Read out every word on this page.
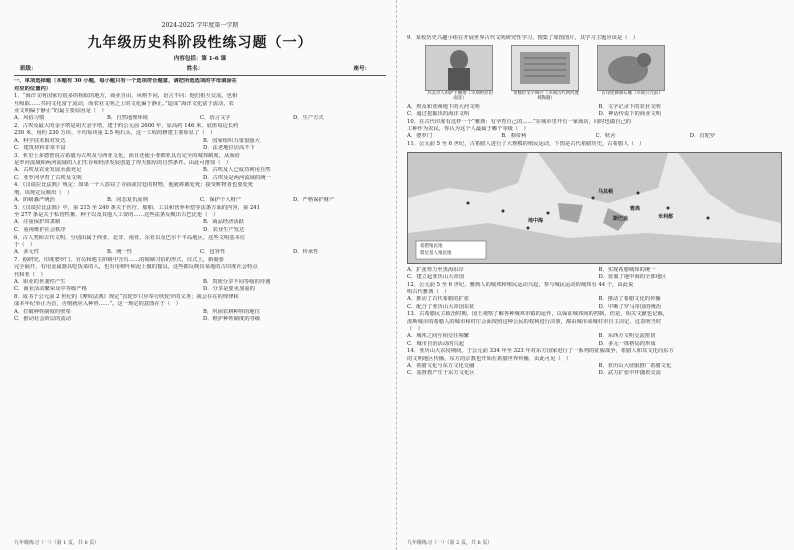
2024-2025 学年度第一学期
九年级历史科阶段性练习题（一）
内容包括：第 1-6 课
班级：	姓名：	座号：

一、单项选择题（本题有 30 小题，每小题只有一个选项符合题意，请把所选选项的字母填涂在

对应的位置内）

1．“海洋文明国家有很多的相似的地方，商业自由，风格不同，语言不同：他们相互交流，也相

互吸取……共同文化富于流动，而农业文明之上的文化偏于静止。”造成“海洋文化富于流动，农

业文明偏于静止”的最主要原因是（　）

A．风俗习惯	B．自然地理环境	C．语言文字	D．生产方式

2．古埃及最大的金字塔是胡夫金字塔，建于约公元前 2600 年，原高约 146 米，底座每边长约

230 米，用约 230 万块、平均每块重 2.5 吨石头，这一工程的修建主要彰显了（　）

A．科学技术相对发达	B．国家组织力量很强大

C．建筑材料非常丰富	D．法老地位居高不下

3．亚里士多德曾说古希腊为古埃及与西亚文化，而且还使小亚细亚具有完全的城邦制度，从而给

是罗河流域和两河流域的人们生存和经济发展创造了得天独厚的自然条件。由此可推知（　）

A．古埃及农业发展水源充足	B．古埃及人已成功利用自然

C．亚罗河孕育了古埃及文明	D．古埃及是两河流域的统一

4．《汉谟拉比法典》规定：如果一个人盗窃了寺庙或宫廷的财物，他就将被处死；接受赃物者也要处死

刑，该规定反映出（　）

A．阶级森严统治	B．同态复仇原则	C．保护个人财产	D．严格保护财产

5．《汉谟拉比法典》中，第 215 至 240 条关于医疗、船舶、工具和营养补偿等法条方面的内容，第 241

至 277 条是关于私营牲畜、种子以及其他人工资的……这些法条反映出古巴比伦（　）

A．注重保护奴隶制	B．商品经济活跃

C．重视维护社会秩序	D．农业生产发达

6．古人类和古代文明，分别由属于西亚、北非、南亚、东亚以及巴尔干半岛地区，这些文明基本位

于（　）

A．多元性	B．统一性	C．包容性	D．传承性

7．据研究，印度婆罗门、官员和地主阶级中含有……的婚姻习俗的形式，仪式上，新娘要

完全隔开，有用金属器具吃饭菜的人，也有用树叶和泥土做的餐具，这些都反映出某地的古印度社会特点

代和亚（　）

A．职业的世袭性产生	B．贵族分享不同等级的待遇

C．商业活动繁荣及中等级严格	D．分享是要更加重的

8．成书于公元前 2 世纪的《摩奴法典》规定“首陀罗只应奉行吠陀罗的义务；我会存在的规律和

成本年纪举止为首，否则就应入种姓……”。这一规定的意图在于（　）

A．打破种姓制度的壁垒	B．巩固农耕种姓的地位

C．推动社会阶层的流动	D．维护种姓制度的等级

九年级练习（一）（第 1 页，共 6 页）

9．某校历史兴趣小组在开展世界古代文明研究性学习，搜集了如图图片，其学习主题应该是（　）

苏美尔人的萨卡雕像（早期阿拉伯面容）
带楔形文字陶片（早期古代两河流域陶器）
古印度佛教石雕（早期公元前）

A．埃及和亚洲地下的大河文明	B．文字记录下的农业文明

C．通过挖掘出的海洋文明	D．神话传说下的商业文明

10．在古代印度有这样一个“雅典：有孕育自己的……”在城市里开有一家商店，同时也做自己的

工种作为农民，你认为这个人最属于哪个等级（　）

A．婆罗门	B．刹帝利	C．吠舍	D．首陀罗

11．公元前 5 至 6 世纪，古希腊人进行了大规模的殖民运动，下图是古代希腊历史，古希腊人（　）

斯巴达
雅典
马其顿
米利都
地中海
希腊殖民地
腓尼基人殖民地

A．扩张势力至黑海沿岸	B．实现希腊城邦的统一

C．建立起亚历山大帝国	D．征服了地中海的全部地区

12．公元前 5 至 6 世纪，雅典人的城邦和殖民运动兴起，参与城民运动的城邦有 44 个，由此说

明古代雅典（　）

A．推动了古代希腊的扩张	B．推动了希腊文化的传播

C．配合了亚历山大帝国东征	D．中断了罗马帝国的统治

13．古希腊民主政治时期，国王观察了解各种城邦市镇的运作，以保证城邦间的控制，但是，相关文献也记载，

泼斯城市的希腊人的城市和村庄会面按照这种公民的权利进行决策，都由城市或城村市自主决定，这表明当时

（　）

A．城邦之间互相交往频繁	B．东西方文明交流密切

C．城市自治活动的兴起	D．多元一体格局的形成

14．亚历山大东侵期间，于公元前 334 年至 323 年对东方国家进行了一系列的征服战争，希腊人和其文化向东方

的文明地区传播，东方的宗教也开始在希腊世界传播，由此可见（　）

A．希腊文化与东方文化交融	B．亚历山大征服推广希腊文化

C．基督教产生于东方文化区	D．武力扩张中伴随着交流

九年级练习（一）（第 2 页，共 6 页）
